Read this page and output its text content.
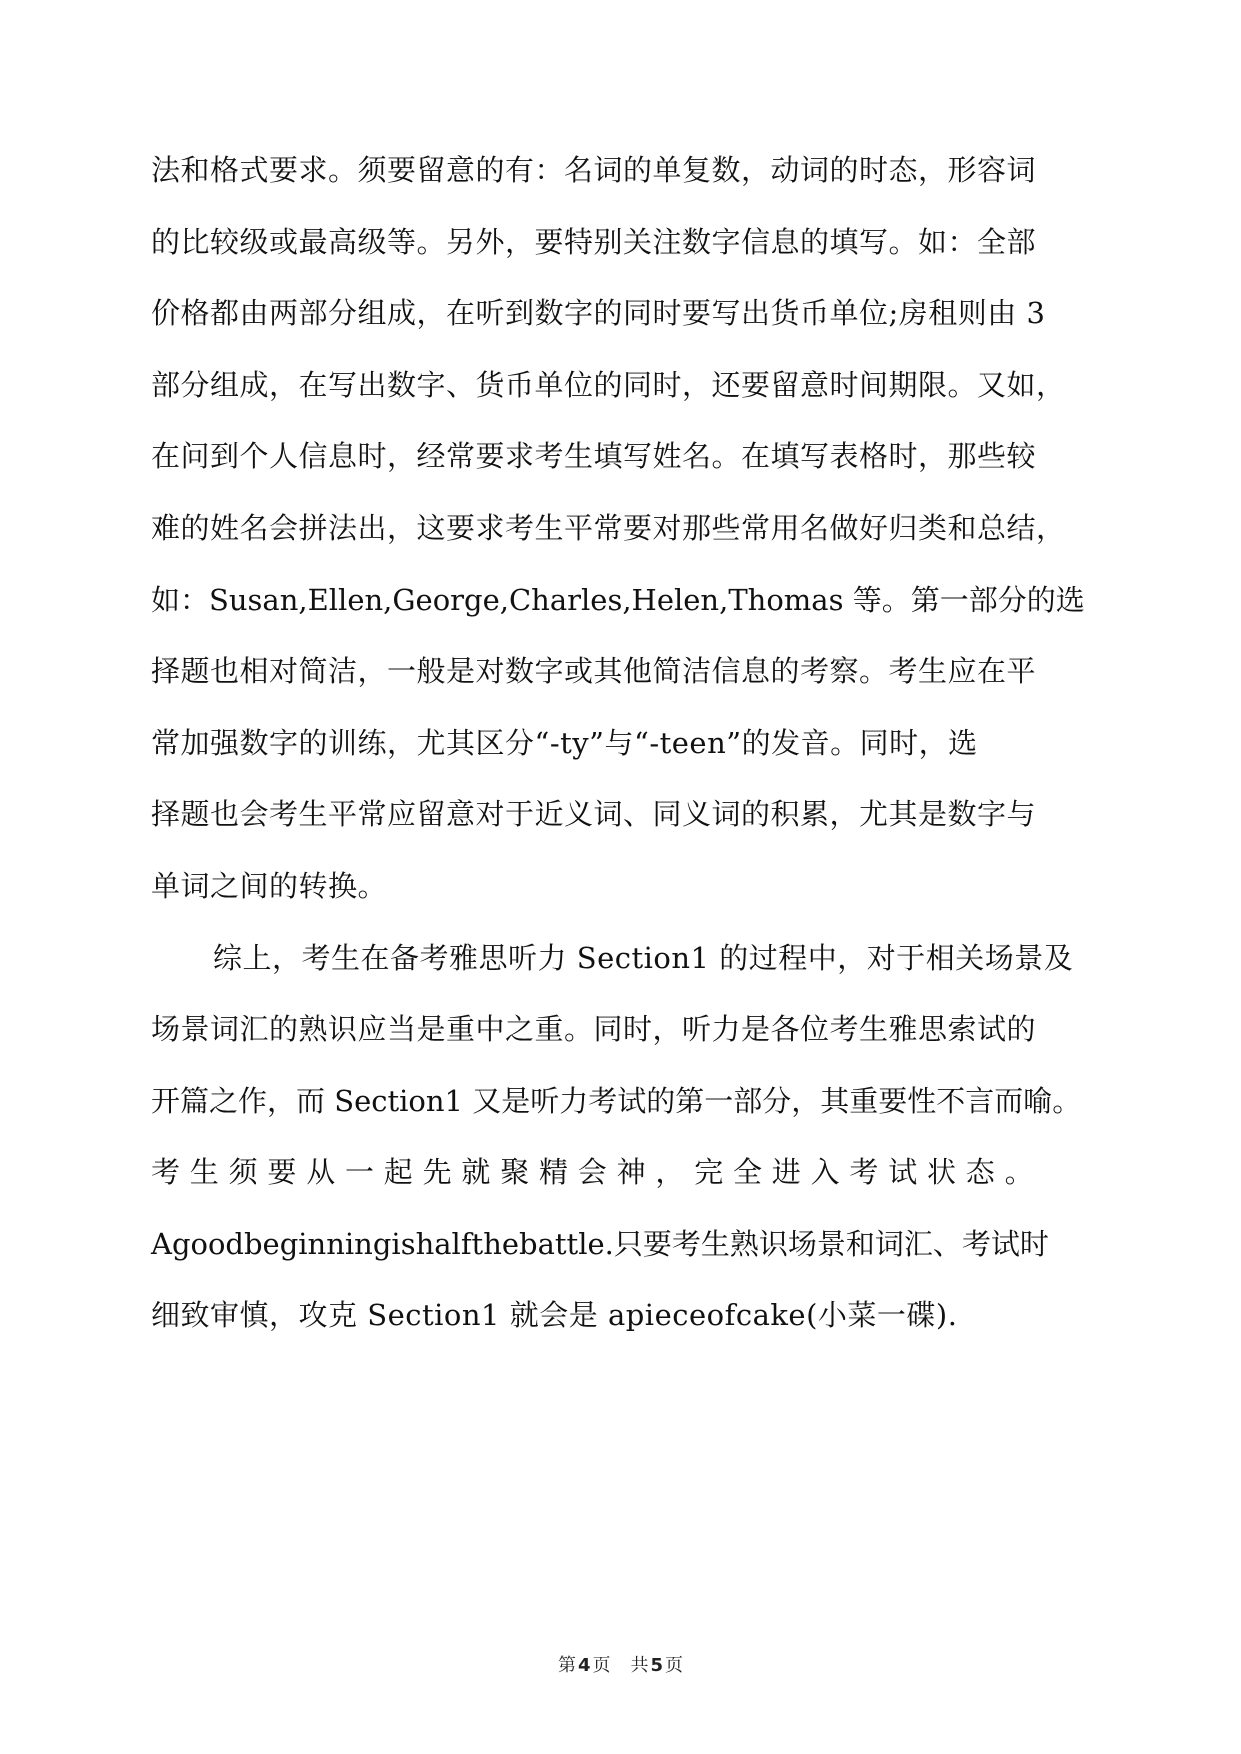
法和格式要求。须要留意的有：名词的单复数，动词的时态，形容词
的比较级或最高级等。另外，要特别关注数字信息的填写。如：全部
价格都由两部分组成，在听到数字的同时要写出货币单位;房租则由 3
部分组成，在写出数字、货币单位的同时，还要留意时间期限。又如，
在问到个人信息时，经常要求考生填写姓名。在填写表格时，那些较
难的姓名会拼法出，这要求考生平常要对那些常用名做好归类和总结，
如：Susan,Ellen,George,Charles,Helen,Thomas 等。第一部分的选
择题也相对简洁，一般是对数字或其他简洁信息的考察。考生应在平
常加强数字的训练，尤其区分“-ty”与“-teen”的发音。同时，选
择题也会考生平常应留意对于近义词、同义词的积累，尤其是数字与
单词之间的转换。
综上，考生在备考雅思听力 Section1 的过程中，对于相关场景及
场景词汇的熟识应当是重中之重。同时，听力是各位考生雅思索试的
开篇之作，而 Section1 又是听力考试的第一部分，其重要性不言而喻。
考生须要从一起先就聚精会神，完全进入考试状态。
Agoodbeginningishalfthebattle.只要考生熟识场景和词汇、考试时
细致审慎，攻克 Section1 就会是 apieceofcake(小菜一碟).
第 4 页 共 5 页
